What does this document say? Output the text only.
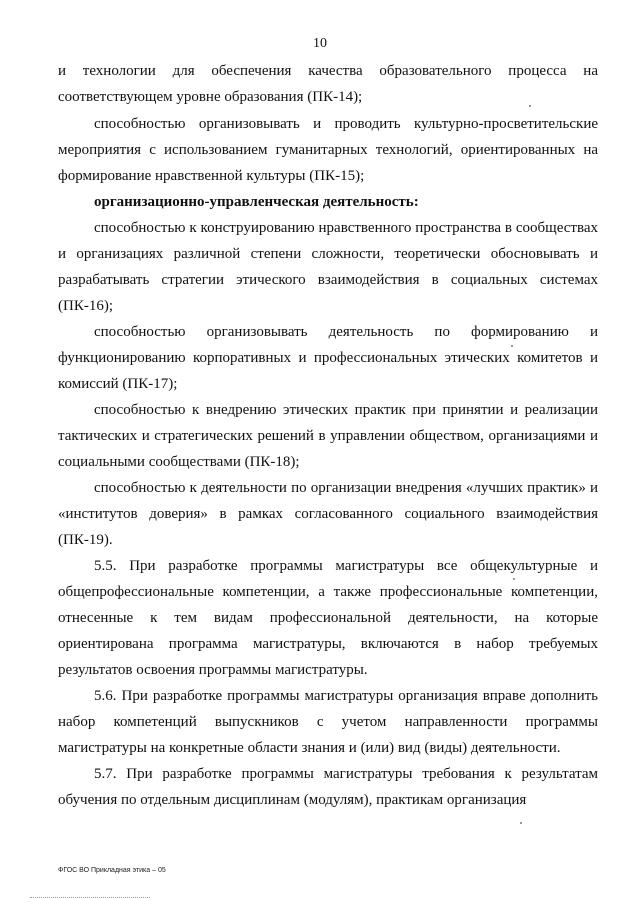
10

и технологии для обеспечения качества образовательного процесса на соответствующем уровне образования (ПК-14);

способностью организовывать и проводить культурно-просветительские мероприятия с использованием гуманитарных технологий, ориентированных на формирование нравственной культуры (ПК-15);

организационно-управленческая деятельность:

способностью к конструированию нравственного пространства в сообществах и организациях различной степени сложности, теоретически обосновывать и разрабатывать стратегии этического взаимодействия в социальных системах (ПК-16);

способностью организовывать деятельность по формированию и функционированию корпоративных и профессиональных этических комитетов и комиссий (ПК-17);

способностью к внедрению этических практик при принятии и реализации тактических и стратегических решений в управлении обществом, организациями и социальными сообществами (ПК-18);

способностью к деятельности по организации внедрения «лучших практик» и «институтов доверия» в рамках согласованного социального взаимодействия (ПК-19).

5.5. При разработке программы магистратуры все общекультурные и общепрофессиональные компетенции, а также профессиональные компетенции, отнесенные к тем видам профессиональной деятельности, на которые ориентирована программа магистратуры, включаются в набор требуемых результатов освоения программы магистратуры.

5.6. При разработке программы магистратуры организация вправе дополнить набор компетенций выпускников с учетом направленности программы магистратуры на конкретные области знания и (или) вид (виды) деятельности.

5.7. При разработке программы магистратуры требования к результатам обучения по отдельным дисциплинам (модулям), практикам организация

ФГОС ВО Прикладная этика – 05
